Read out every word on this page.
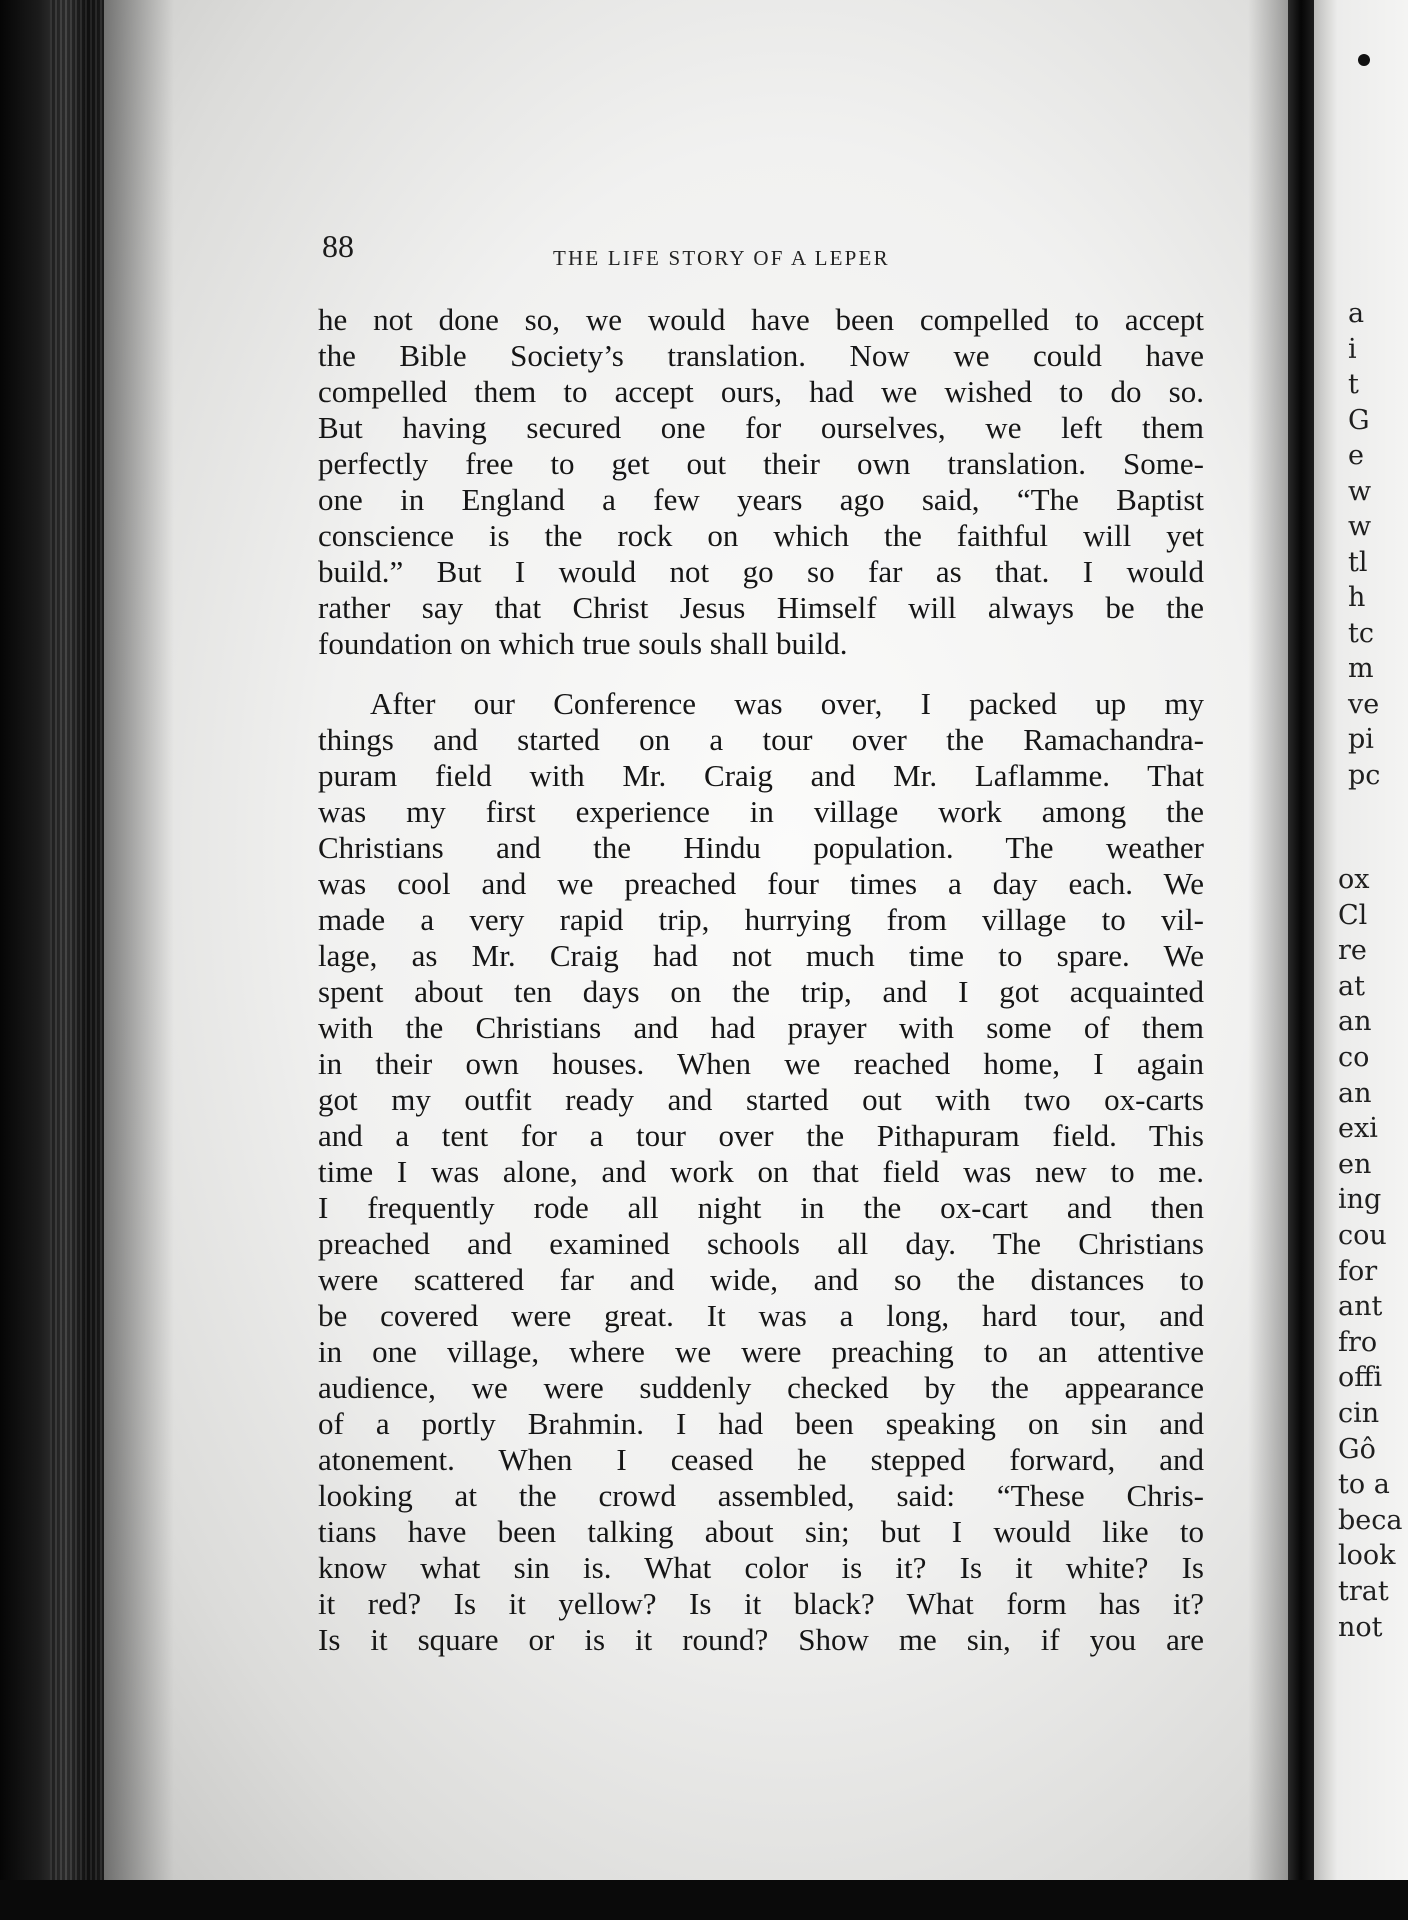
88	THE LIFE STORY OF A LEPER
he not done so, we would have been compelled to accept
the Bible Society’s translation. Now we could have
compelled them to accept ours, had we wished to do so.
But having secured one for ourselves, we left them
perfectly free to get out their own translation. Some-
one in England a few years ago said, “The Baptist
conscience is the rock on which the faithful will yet
build.” But I would not go so far as that. I would
rather say that Christ Jesus Himself will always be the
foundation on which true souls shall build.
After our Conference was over, I packed up my
things and started on a tour over the Ramachandra-
puram field with Mr. Craig and Mr. Laflamme. That
was my first experience in village work among the
Christians and the Hindu population. The weather
was cool and we preached four times a day each. We
made a very rapid trip, hurrying from village to vil-
lage, as Mr. Craig had not much time to spare. We
spent about ten days on the trip, and I got acquainted
with the Christians and had prayer with some of them
in their own houses. When we reached home, I again
got my outfit ready and started out with two ox-carts
and a tent for a tour over the Pithapuram field. This
time I was alone, and work on that field was new to me.
I frequently rode all night in the ox-cart and then
preached and examined schools all day. The Christians
were scattered far and wide, and so the distances to
be covered were great. It was a long, hard tour, and
in one village, where we were preaching to an attentive
audience, we were suddenly checked by the appearance
of a portly Brahmin. I had been speaking on sin and
atonement. When I ceased he stepped forward, and
looking at the crowd assembled, said: “These Chris-
tians have been talking about sin; but I would like to
know what sin is. What color is it? Is it white? Is
it red? Is it yellow? Is it black? What form has it?
Is it square or is it round? Show me sin, if you are
a
i
t
G
e
w
w
tl
h
tc
m
ve
pi
pc
ox
Cl
re
at
an
co
an
exi
en
ing
cou
for
ant
fro
offi
cin
Gô
to a
beca
look
trat
not
